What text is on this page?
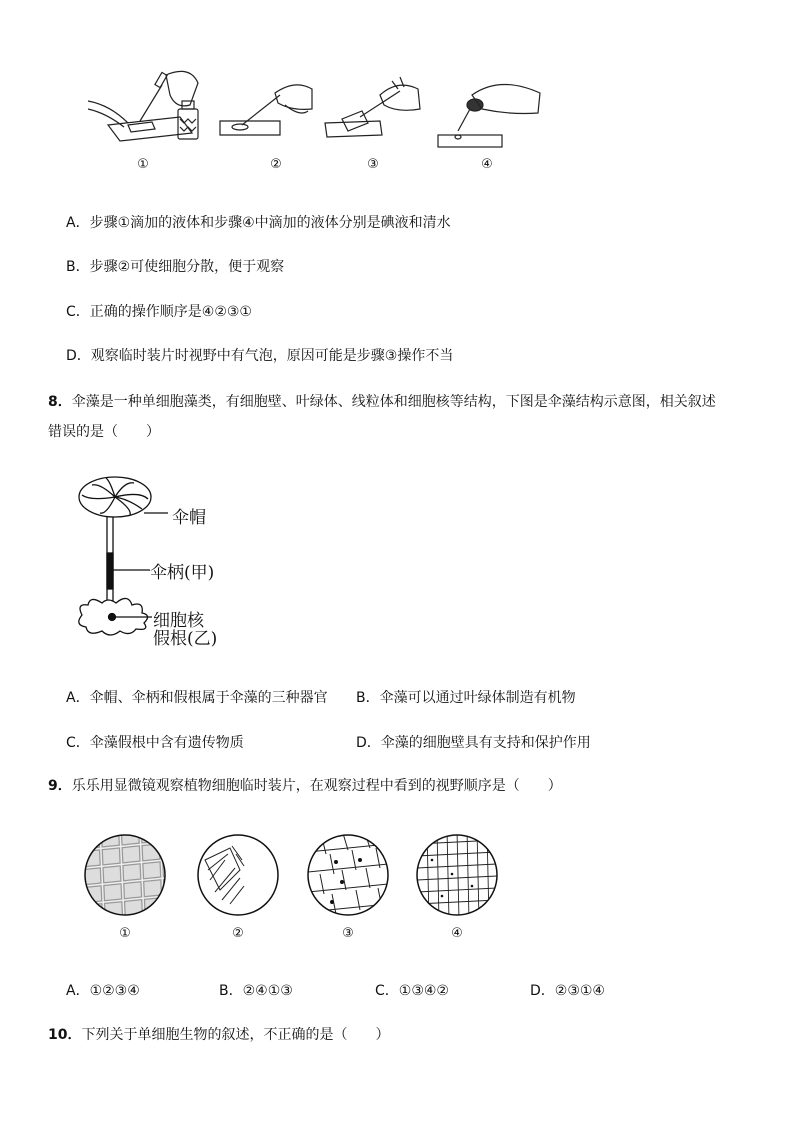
①	②	③	④
A．步骤①滴加的液体和步骤④中滴加的液体分别是碘液和清水
B．步骤②可使细胞分散，便于观察
C．正确的操作顺序是④②③①
D．观察临时装片时视野中有气泡，原因可能是步骤③操作不当
8．伞藻是一种单细胞藻类，有细胞壁、叶绿体、线粒体和细胞核等结构，下图是伞藻结构示意图，相关叙述
错误的是（　　）
伞帽
伞柄(甲)
细胞核
假根(乙)
A．伞帽、伞柄和假根属于伞藻的三种器官 B．伞藻可以通过叶绿体制造有机物
C．伞藻假根中含有遗传物质	D．伞藻的细胞壁具有支持和保护作用
9．乐乐用显微镜观察植物细胞临时装片，在观察过程中看到的视野顺序是（　　）
①	②	③	④
A．①②③④	B．②④①③	C．①③④②	D．②③①④
10．下列关于单细胞生物的叙述，不正确的是（　　）
